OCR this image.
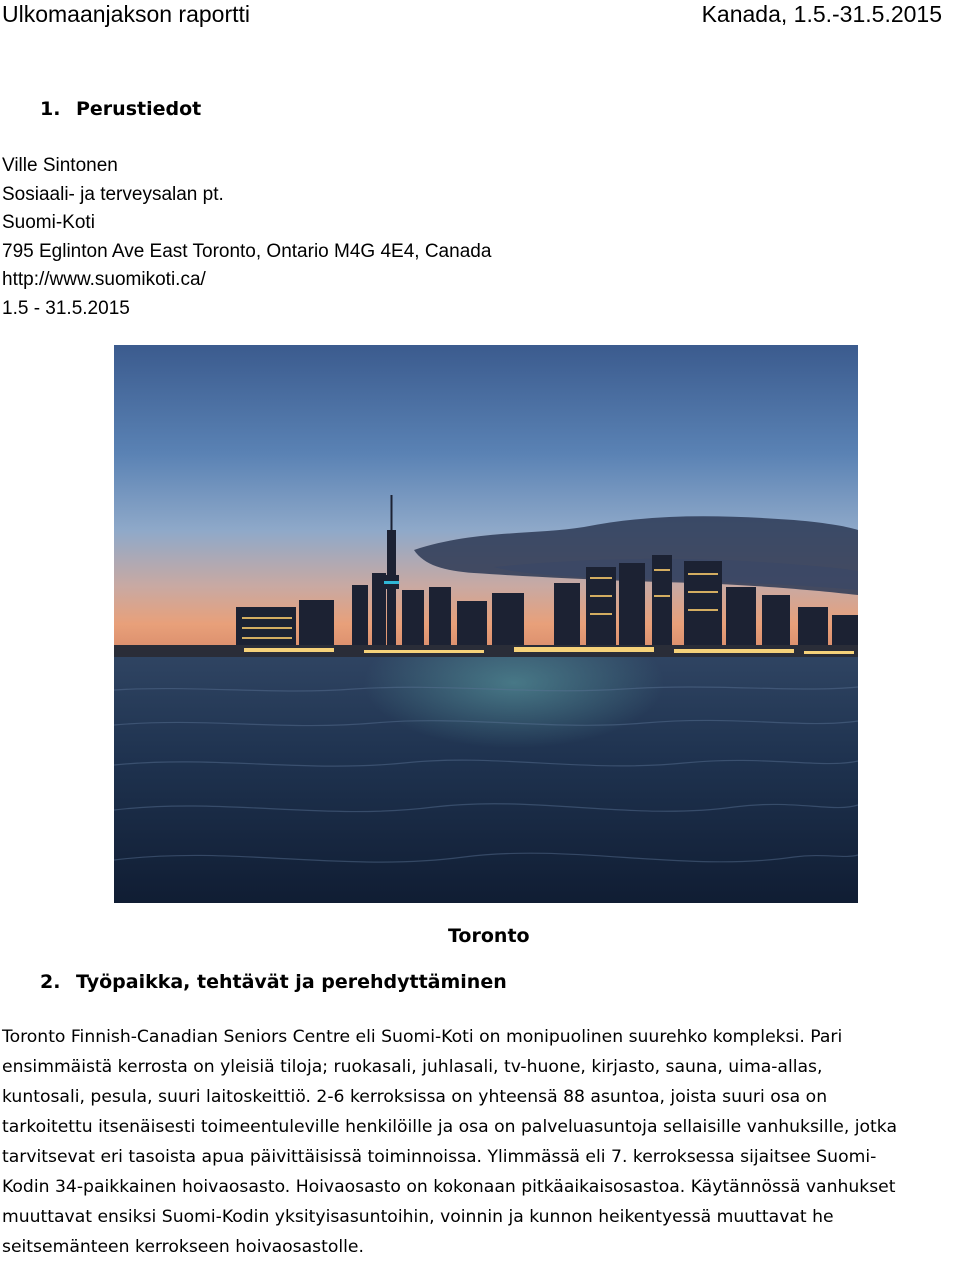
Ulkomaanjakson raportti	Kanada, 1.5.-31.5.2015
1. Perustiedot
Ville Sintonen
Sosiaali- ja terveysalan pt.
Suomi-Koti
795 Eglinton Ave East Toronto, Ontario M4G 4E4, Canada
http://www.suomikoti.ca/
1.5 - 31.5.2015
Toronto
2. Työpaikka, tehtävät ja perehdyttäminen
Toronto Finnish-Canadian Seniors Centre eli Suomi-Koti on monipuolinen suurehko kompleksi. Pari
ensimmäistä kerrosta on yleisiä tiloja; ruokasali, juhlasali, tv-huone, kirjasto, sauna, uima-allas,
kuntosali, pesula, suuri laitoskeittiö. 2-6 kerroksissa on yhteensä 88 asuntoa, joista suuri osa on
tarkoitettu itsenäisesti toimeentuleville henkilöille ja osa on palveluasuntoja sellaisille vanhuksille, jotka
tarvitsevat eri tasoista apua päivittäisissä toiminnoissa. Ylimmässä eli 7. kerroksessa sijaitsee Suomi-
Kodin 34-paikkainen hoivaosasto. Hoivaosasto on kokonaan pitkäaikaisosastoa. Käytännössä vanhukset
muuttavat ensiksi Suomi-Kodin yksityisasuntoihin, voinnin ja kunnon heikentyessä muuttavat he
seitsemänteen kerrokseen hoivaosastolle.
